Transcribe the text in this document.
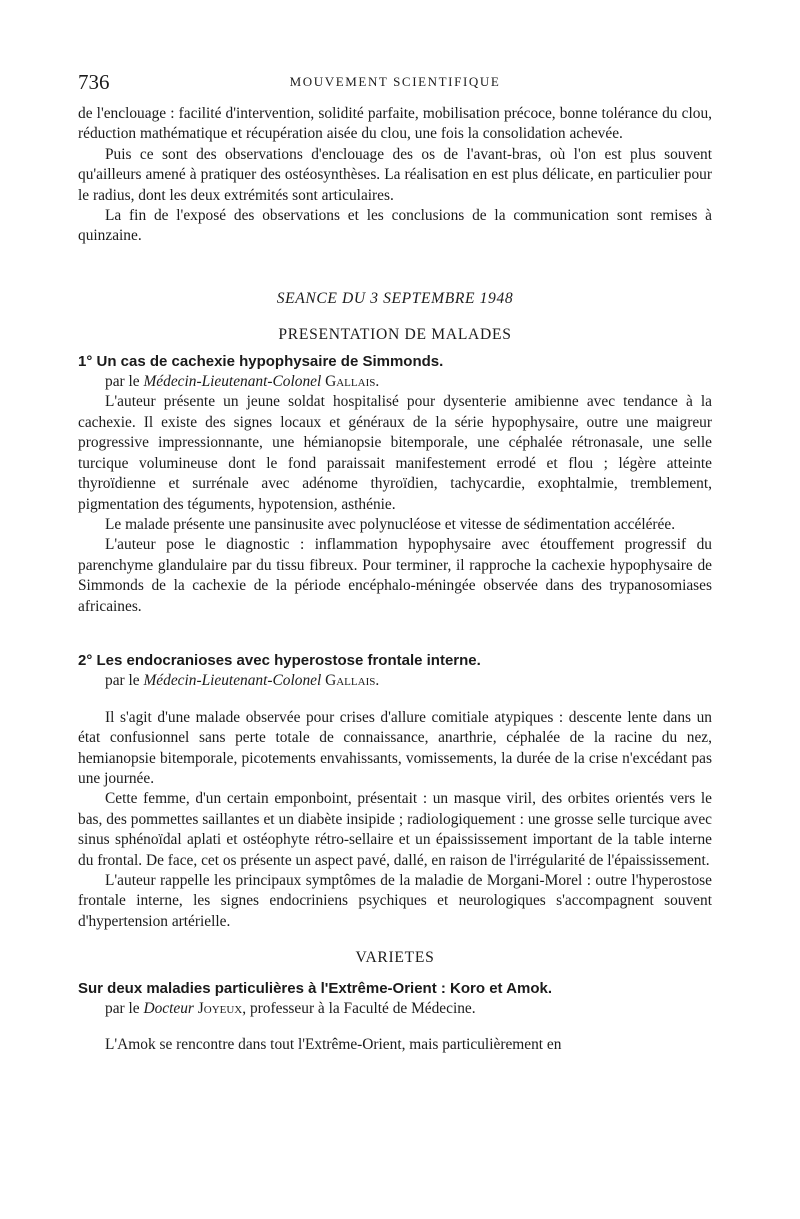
736	MOUVEMENT SCIENTIFIQUE

de l'enclouage : facilité d'intervention, solidité parfaite, mobilisation précoce, bonne tolérance du clou, réduction mathématique et récupération aisée du clou, une fois la consolidation achevée.

Puis ce sont des observations d'enclouage des os de l'avant-bras, où l'on est plus souvent qu'ailleurs amené à pratiquer des ostéosynthèses. La réalisation en est plus délicate, en particulier pour le radius, dont les deux extrémités sont articulaires.

La fin de l'exposé des observations et les conclusions de la communication sont remises à quinzaine.

SEANCE DU 3 SEPTEMBRE 1948

PRESENTATION DE MALADES

1° Un cas de cachexie hypophysaire de Simmonds.

par le Médecin-Lieutenant-Colonel Gallais.

L'auteur présente un jeune soldat hospitalisé pour dysenterie amibienne avec tendance à la cachexie. Il existe des signes locaux et généraux de la série hypophysaire, outre une maigreur progressive impressionnante, une hémianopsie bitemporale, une céphalée rétronasale, une selle turcique volumineuse dont le fond paraissait manifestement errodé et flou ; légère atteinte thyroïdienne et surrénale avec adénome thyroïdien, tachycardie, exophtalmie, tremblement, pigmentation des téguments, hypotension, asthénie.

Le malade présente une pansinusite avec polynucléose et vitesse de sédimentation accélérée.

L'auteur pose le diagnostic : inflammation hypophysaire avec étouffement progressif du parenchyme glandulaire par du tissu fibreux. Pour terminer, il rapproche la cachexie hypophysaire de Simmonds de la cachexie de la période encéphalo-méningée observée dans des trypanosomiases africaines.

2° Les endocranioses avec hyperostose frontale interne.

par le Médecin-Lieutenant-Colonel Gallais.

Il s'agit d'une malade observée pour crises d'allure comitiale atypiques : descente lente dans un état confusionnel sans perte totale de connaissance, anarthrie, céphalée de la racine du nez, hemianopsie bitemporale, picotements envahissants, vomissements, la durée de la crise n'excédant pas une journée.

Cette femme, d'un certain emponboint, présentait : un masque viril, des orbites orientés vers le bas, des pommettes saillantes et un diabète insipide ; radiologiquement : une grosse selle turcique avec sinus sphénoïdal aplati et ostéophyte rétro-sellaire et un épaississement important de la table interne du frontal. De face, cet os présente un aspect pavé, dallé, en raison de l'irrégularité de l'épaississement.

L'auteur rappelle les principaux symptômes de la maladie de Morgani-Morel : outre l'hyperostose frontale interne, les signes endocriniens psychiques et neurologiques s'accompagnent souvent d'hypertension artérielle.

VARIETES

Sur deux maladies particulières à l'Extrême-Orient : Koro et Amok.

par le Docteur Joyeux, professeur à la Faculté de Médecine.

L'Amok se rencontre dans tout l'Extrême-Orient, mais particulièrement en
